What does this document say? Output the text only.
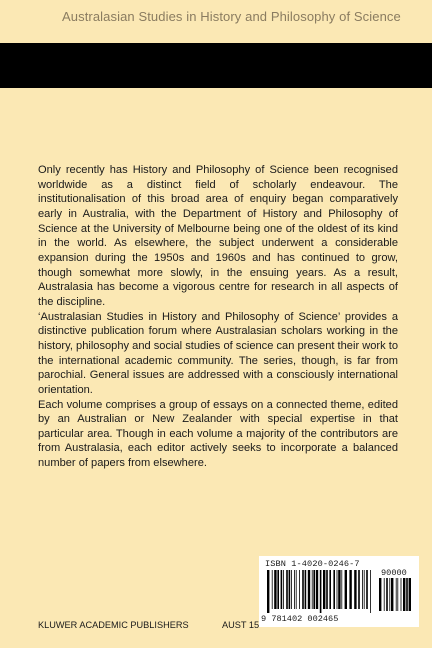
Australasian Studies in History and Philosophy of Science

Only recently has History and Philosophy of Science been recognised worldwide as a distinct field of scholarly endeavour. The institutionalisation of this broad area of enquiry began comparatively early in Australia, with the Department of History and Philosophy of Science at the University of Melbourne being one of the oldest of its kind in the world. As elsewhere, the subject underwent a considerable expansion during the 1950s and 1960s and has continued to grow, though somewhat more slowly, in the ensuing years. As a result, Australasia has become a vigorous centre for research in all aspects of the discipline.

‘Australasian Studies in History and Philosophy of Science’ provides a distinctive publication forum where Australasian scholars working in the history, philosophy and social studies of science can present their work to the international academic community. The series, though, is far from parochial. General issues are addressed with a consciously international orientation.

Each volume comprises a group of essays on a connected theme, edited by an Australian or New Zealander with special expertise in that particular area. Though in each volume a majority of the contributors are from Australasia, each editor actively seeks to incorporate a balanced number of papers from elsewhere.

ISBN 1-4020-0246-7
90000
9 781402 002465
KLUWER ACADEMIC PUBLISHERS	AUST 15
